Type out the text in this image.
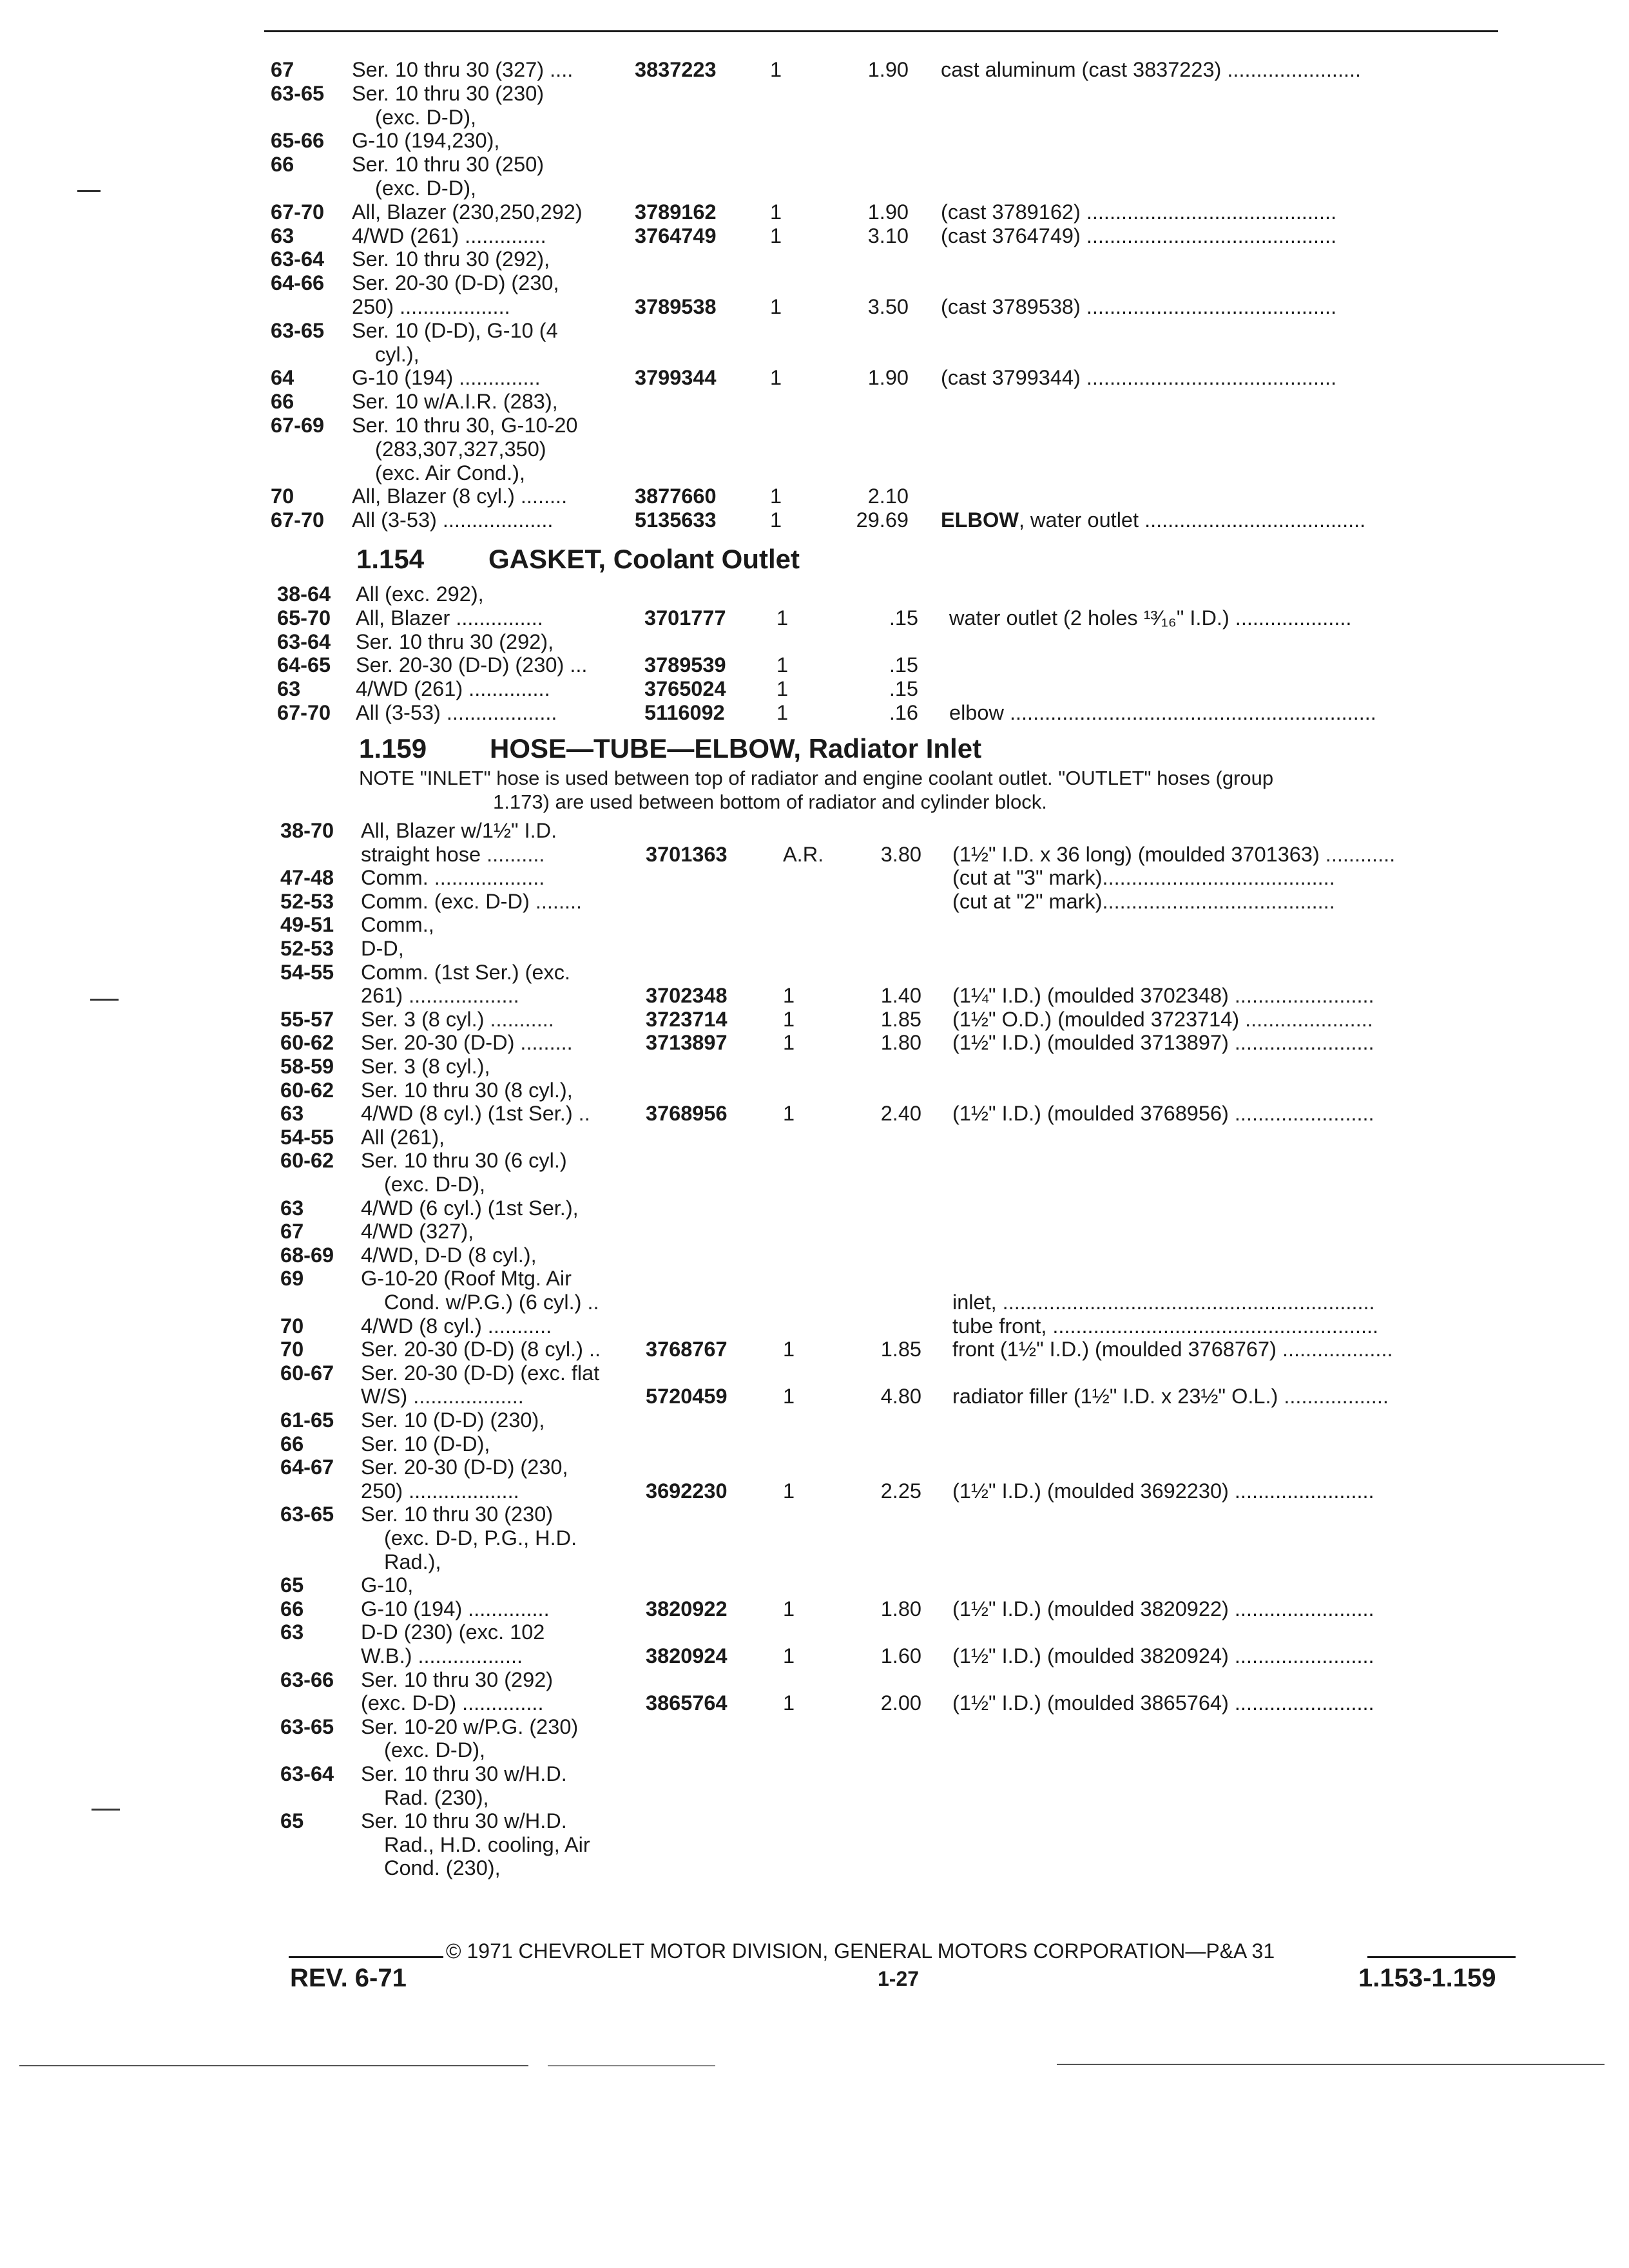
67	Ser. 10 thru 30 (327) ....	3837223	1	1.90 cast aluminum (cast 3837223) .......................
63-65 Ser. 10 thru 30 (230)
(exc. D-D),
65-66 G-10 (194,230),
66	Ser. 10 thru 30 (250)
(exc. D-D),
67-70 All, Blazer (230,250,292)	3789162	1	1.90 (cast 3789162) ...........................................
63	4/WD (261) ..............	3764749	1	3.10 (cast 3764749) ...........................................
63-64 Ser. 10 thru 30 (292),
64-66 Ser. 20-30 (D-D) (230,
250) ...................	3789538	1	3.50 (cast 3789538) ...........................................
63-65 Ser. 10 (D-D), G-10 (4
cyl.),
64	G-10 (194) ..............	3799344	1	1.90 (cast 3799344) ...........................................
66	Ser. 10 w/A.I.R. (283),
67-69 Ser. 10 thru 30, G-10-20
(283,307,327,350)
(exc. Air Cond.),
70	All, Blazer (8 cyl.) ........	3877660	1	2.10
67-70 All (3-53) ...................	5135633	1	29.69 ELBOW, water outlet ......................................
1.154 GASKET, Coolant Outlet
38-64 All (exc. 292),
65-70 All, Blazer ...............	3701777 1	.15 water outlet (2 holes ¹³⁄₁₆" I.D.) ....................
63-64 Ser. 10 thru 30 (292),
64-65 Ser. 20-30 (D-D) (230) ...	3789539 1	.15
63	4/WD (261) ..............	3765024 1	.15
67-70 All (3-53) ...................	5116092 1	.16 elbow ...............................................................
1.159 HOSE—TUBE—ELBOW, Radiator Inlet
NOTE "INLET" hose is used between top of radiator and engine coolant outlet. "OUTLET" hoses (group
1.173) are used between bottom of radiator and cylinder block.
38-70 All, Blazer w/1½" I.D.
straight hose ..........	3701363	A.R.	3.80 (1½" I.D. x 36 long) (moulded 3701363) ............
47-48 Comm. ...................	(cut at "3" mark)........................................
52-53 Comm. (exc. D-D) ........	(cut at "2" mark)........................................
49-51 Comm.,
52-53 D-D,
54-55 Comm. (1st Ser.) (exc.
261) ...................	3702348	1	1.40 (1¼" I.D.) (moulded 3702348) ........................
55-57 Ser. 3 (8 cyl.) ...........	3723714	1	1.85 (1½" O.D.) (moulded 3723714) ......................
60-62 Ser. 20-30 (D-D) .........	3713897	1	1.80 (1½" I.D.) (moulded 3713897) ........................
58-59 Ser. 3 (8 cyl.),
60-62 Ser. 10 thru 30 (8 cyl.),
63	4/WD (8 cyl.) (1st Ser.) ..	3768956	1	2.40 (1½" I.D.) (moulded 3768956) ........................
54-55 All (261),
60-62 Ser. 10 thru 30 (6 cyl.)
(exc. D-D),
63	4/WD (6 cyl.) (1st Ser.),
67	4/WD (327),
68-69 4/WD, D-D (8 cyl.),
69	G-10-20 (Roof Mtg. Air
Cond. w/P.G.) (6 cyl.) ..	inlet, ................................................................
70	4/WD (8 cyl.) ...........	tube front, ........................................................
70	Ser. 20-30 (D-D) (8 cyl.) .. 3768767	1	1.85 front (1½" I.D.) (moulded 3768767) ...................
60-67 Ser. 20-30 (D-D) (exc. flat
W/S) ...................	5720459	1	4.80 radiator filler (1½" I.D. x 23½" O.L.) ..................
61-65 Ser. 10 (D-D) (230),
66	Ser. 10 (D-D),
64-67 Ser. 20-30 (D-D) (230,
250) ...................	3692230	1	2.25 (1½" I.D.) (moulded 3692230) ........................
63-65 Ser. 10 thru 30 (230)
(exc. D-D, P.G., H.D.
Rad.),
65	G-10,
66	G-10 (194) ..............	3820922	1	1.80 (1½" I.D.) (moulded 3820922) ........................
63	D-D (230) (exc. 102
W.B.) ..................	3820924	1	1.60 (1½" I.D.) (moulded 3820924) ........................
63-66 Ser. 10 thru 30 (292)
(exc. D-D) ..............	3865764	1	2.00 (1½" I.D.) (moulded 3865764) ........................
63-65 Ser. 10-20 w/P.G. (230)
(exc. D-D),
63-64 Ser. 10 thru 30 w/H.D.
Rad. (230),
65	Ser. 10 thru 30 w/H.D.
Rad., H.D. cooling, Air
Cond. (230),
© 1971 CHEVROLET MOTOR DIVISION, GENERAL MOTORS CORPORATION—P&A 31
REV. 6-71	1-27	1.153-1.159
